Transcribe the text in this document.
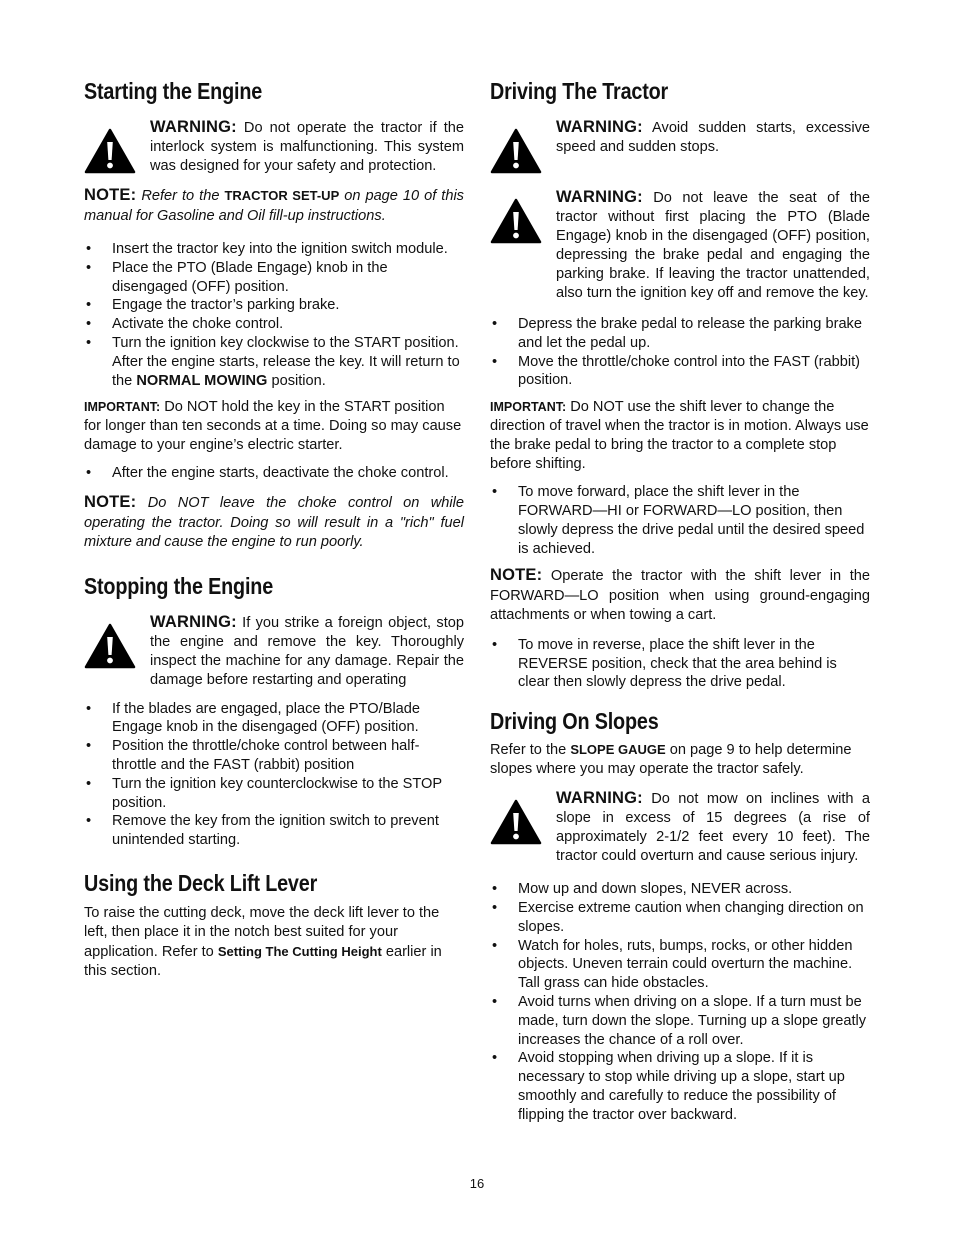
Starting the Engine

WARNING: Do not operate the tractor if the interlock system is malfunctioning. This system was designed for your safety and protection.

NOTE: Refer to the TRACTOR SET-UP on page 10 of this manual for Gasoline and Oil fill-up instructions.

• Insert the tractor key into the ignition switch module.
• Place the PTO (Blade Engage) knob in the disengaged (OFF) position.
• Engage the tractor’s parking brake.
• Activate the choke control.
• Turn the ignition key clockwise to the START position. After the engine starts, release the key. It will return to the NORMAL MOWING position.

IMPORTANT: Do NOT hold the key in the START position for longer than ten seconds at a time. Doing so may cause damage to your engine’s electric starter.

• After the engine starts, deactivate the choke control.

NOTE: Do NOT leave the choke control on while operating the tractor. Doing so will result in a "rich" fuel mixture and cause the engine to run poorly.

Stopping the Engine

WARNING: If you strike a foreign object, stop the engine and remove the key. Thoroughly inspect the machine for any damage. Repair the damage before restarting and operating

• If the blades are engaged, place the PTO/Blade Engage knob in the disengaged (OFF) position.
• Position the throttle/choke control between half-throttle and the FAST (rabbit) position
• Turn the ignition key counterclockwise to the STOP position.
• Remove the key from the ignition switch to prevent unintended starting.
Using the Deck Lift Lever

To raise the cutting deck, move the deck lift lever to the left, then place it in the notch best suited for your application. Refer to Setting The Cutting Height earlier in this section.

Driving The Tractor

WARNING: Avoid sudden starts, excessive speed and sudden stops.

WARNING: Do not leave the seat of the tractor without first placing the PTO (Blade Engage) knob in the disengaged (OFF) position, depressing the brake pedal and engaging the parking brake. If leaving the tractor unattended, also turn the ignition key off and remove the key.

• Depress the brake pedal to release the parking brake and let the pedal up.
• Move the throttle/choke control into the FAST (rabbit) position.

IMPORTANT: Do NOT use the shift lever to change the direction of travel when the tractor is in motion. Always use the brake pedal to bring the tractor to a complete stop before shifting.

• To move forward, place the shift lever in the FORWARD—HI or FORWARD—LO position, then slowly depress the drive pedal until the desired speed is achieved.

NOTE: Operate the tractor with the shift lever in the FORWARD—LO position when using ground-engaging attachments or when towing a cart.

• To move in reverse, place the shift lever in the REVERSE position, check that the area behind is clear then slowly depress the drive pedal.
Driving On Slopes

Refer to the SLOPE GAUGE on page 9 to help determine slopes where you may operate the tractor safely.

WARNING: Do not mow on inclines with a slope in excess of 15 degrees (a rise of approximately 2-1/2 feet every 10 feet). The tractor could overturn and cause serious injury.

• Mow up and down slopes, NEVER across.
• Exercise extreme caution when changing direction on slopes.
• Watch for holes, ruts, bumps, rocks, or other hidden objects. Uneven terrain could overturn the machine. Tall grass can hide obstacles.
• Avoid turns when driving on a slope. If a turn must be made, turn down the slope. Turning up a slope greatly increases the chance of a roll over.
• Avoid stopping when driving up a slope. If it is necessary to stop while driving up a slope, start up smoothly and carefully to reduce the possibility of flipping the tractor over backward.
16
